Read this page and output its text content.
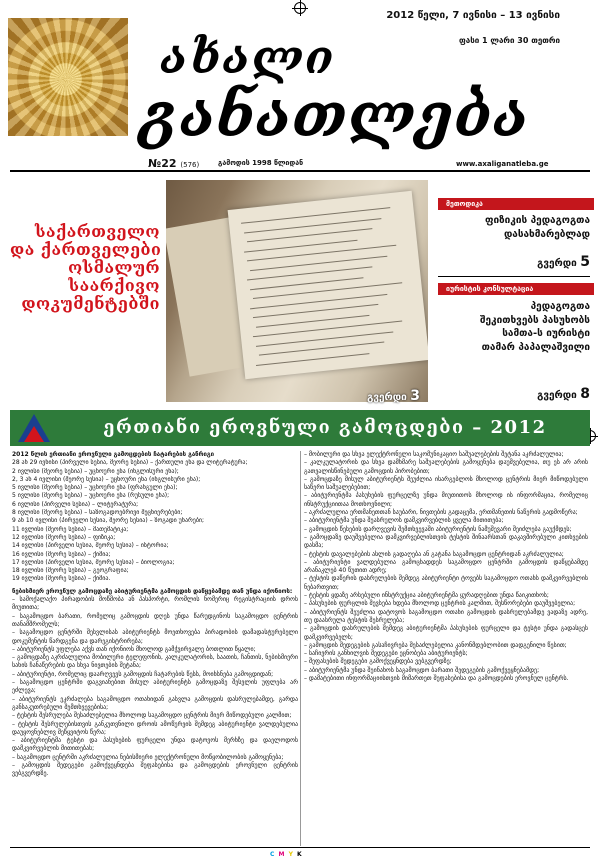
2012 წელი, 7 ივნისი – 13 ივნისი
ფასი 1 ლარი 30 თეთრი
ახალი
განათლება
№22 (576)	გამოდის 1998 წლიდან	www.axaliganatleba.ge
საქართველო
და ქართველები
ოსმალურ
საარქივო
დოკუმენტებში
გვერდი 3
მეთოდიკა
ფიზიკის პედაგოგთა
დასახმარებლად
გვერდი 5
იურისტის კონსულტაცია
პედაგოგთა
შეკითხვებს პასუხობს
სამთა-ს იურისტი
თამარ პაპალაშვილი
გვერდი 8
ერთიანი ეროვნული გამოცდები – 2012
2012 წლის ერთიანი ეროვნული გამოცდების ჩატარების განრიგი
28 ან 29 ივნისი (პირველი სესია, მეორე სესია) – ქართული ენა და ლიტერატურა;
2 ივლისი (მეორე სესია) – უცხოური ენა (ინგლისური ენა);
2, 3 ან 4 ივლისი (მეორე სესია) – უცხოური ენა (ინგლისური ენა);
5 ივლისი (მეორე სესია) – უცხოური ენა (ფრანგული ენა);
5 ივლისი (მეორე სესია) – უცხოური ენა (რუსული ენა);
6 ივლისი (პირველი სესია) – ლიტერატურა;
8 ივლისი (მეორე სესია) – საზოგადოებრივი მეცნიერებები;
9 ან 10 ივლისი (პირველი სესია, მეორე სესია) – ზოგადი უნარები;
11 ივლისი (მეორე სესია) – მათემატიკა;
12 ივლისი (მეორე სესია) – ფიზიკა;
14 ივლისი (პირველი სესია, მეორე სესია) – ისტორია;
16 ივლისი (მეორე სესია) – ქიმია;
17 ივლისი (პირველი სესია, მეორე სესია) – ბიოლოგია;
18 ივლისი (მეორე სესია) – გეოგრაფია;
19 ივლისი (მეორე სესია) – ქიმია.
ნებისმიერ ეროვნულ გამოცდაზე აბიტურიენტმა გამოცდის დაწყებამდე თან უნდა იქონიოს:
– სამოქალაქო პირადობის მოწმობა ან პასპორტი, რომლის ნომერიც რეგისტრაციის დროს მიუთითა;
– საგამოცდო ბარათი, რომელიც გამოცდის დღეს უნდა წარუდგინოს საგამოცდო ცენტრის თანამშრომელს;
– საგამოცდო ცენტრში შესვლისას აბიტურიენტს მოეთხოვება პირადობის დამადასტურებელი დოკუმენტის წარდგენა და დარეგისტრირება;
– აბიტურიენტს უფლება აქვს თან იქონიოს მხოლოდ გამჭვირვალე ბოთლით წყალი;
– გამოცდაზე აკრძალულია მობილური ტელეფონის, კალკულატორის, საათის, ჩანთის, ნებისმიერი სახის ჩანაწერების და სხვა ნივთების შეტანა;
– აბიტურიენტი, რომელიც დაარღვევს გამოცდის ჩატარების წესს, მოიხსნება გამოცდიდან;
– საგამოცდო ცენტრში დაგვიანებით მისულ აბიტურიენტს გამოცდაზე შესვლის უფლება არ ეძლევა;
– აბიტურიენტს ეკრძალება საგამოცდო ოთახიდან გასვლა გამოცდის დასრულებამდე, გარდა განსაკუთრებული შემთხვევებისა;
– ტესტის შესრულება შესაძლებელია მხოლოდ საგამოცდო ცენტრის მიერ მიწოდებული კალმით;
– ტესტის შესრულებისთვის განკუთვნილი დროის ამოწურვის შემდეგ აბიტურიენტი ვალდებულია დაუყოვნებლივ შეწყვიტოს წერა;
– აბიტურიენტმა ტესტი და პასუხების ფურცელი უნდა დატოვოს მერხზე და დაელოდოს დამკვირვებლის მითითებას;
– საგამოცდო ცენტრში აკრძალულია ნებისმიერი ელექტრონული მოწყობილობის გამოყენება;
– გამოცდის შედეგები გამოქვეყნდება შეფასებისა და გამოცდების ეროვნული ცენტრის ვებგვერდზე.
– მობილური და სხვა ელექტრონული საკომუნიკაციო საშუალებების შეტანა აკრძალულია;
– კალკულატორის და სხვა დამხმარე საშუალებების გამოყენება დაუშვებელია, თუ ეს არ არის გათვალისწინებული გამოცდის პირობებით;
– გამოცდაზე მისულ აბიტურიენტს შეუძლია ისარგებლოს მხოლოდ ცენტრის მიერ მიწოდებული საწერი საშუალებებით;
– აბიტურიენტმა პასუხების ფურცელზე უნდა მიუთითოს მხოლოდ ის ინფორმაცია, რომელიც ინსტრუქციითაა მოთხოვნილი;
– აკრძალულია ერთმანეთთან საუბარი, ნივთების გადაცემა, ერთმანეთის ნაწერის გადმოწერა;
– აბიტურიენტმა უნდა შეასრულოს დამკვირვებლის ყველა მითითება;
– გამოცდის წესების დარღვევის შემთხვევაში აბიტურიენტის ნამუშევარი შეიძლება გაუქმდეს;
– გამოცდაზე დაუშვებელია დამკვირვებლისთვის ტესტის შინაარსთან დაკავშირებული კითხვების დასმა;
– ტესტის დავალებების ასლის გადაღება ან გატანა საგამოცდო ცენტრიდან აკრძალულია;
– აბიტურიენტი ვალდებულია გამოცხადდეს საგამოცდო ცენტრში გამოცდის დაწყებამდე არანაკლებ 40 წუთით ადრე;
– ტესტის დაწერის დასრულების შემდეგ აბიტურიენტი ტოვებს საგამოცდო ოთახს დამკვირვებლის ნებართვით;
– ტესტის ყდაზე არსებული ინსტრუქცია აბიტურიენტმა ყურადღებით უნდა წაიკითხოს;
– პასუხების ფურცლის შევსება ხდება მხოლოდ ცენტრის კალმით, შესწორებები დაუშვებელია;
– აბიტურიენტს შეუძლია დატოვოს საგამოცდო ოთახი გამოცდის დასრულებამდე ვადაზე ადრე, თუ დაასრულა ტესტის შესრულება;
– გამოცდის დასრულების შემდეგ აბიტურიენტმა პასუხების ფურცელი და ტესტი უნდა გადასცეს დამკვირვებელს;
– გამოცდის შედეგების გასაჩივრება შესაძლებელია კანონმდებლობით დადგენილი წესით;
– საჩივრის განხილვის შედეგები ეცნობება აბიტურიენტს;
– შეფასების შედეგები გამოქვეყნდება ვებგვერდზე;
– აბიტურიენტმა უნდა შეინახოს საგამოცდო ბარათი შედეგების გამოქვეყნებამდე;
– დამატებითი ინფორმაციისთვის მიმართეთ შეფასებისა და გამოცდების ეროვნულ ცენტრს.
C M Y K
